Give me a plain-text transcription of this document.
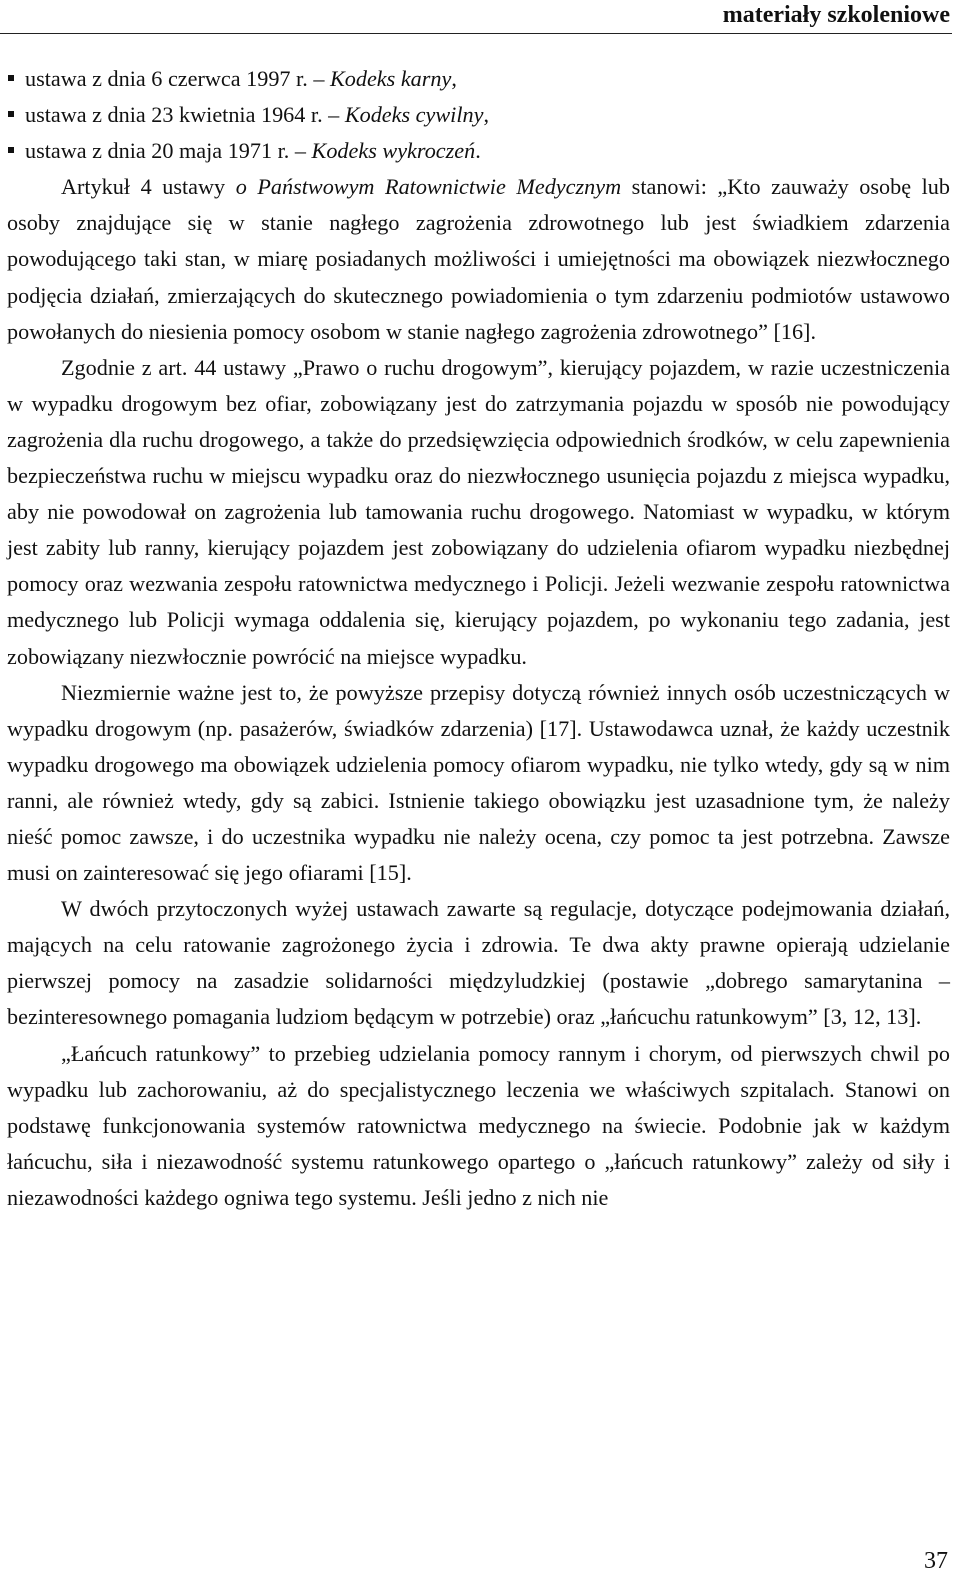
materiały szkoleniowe
ustawa z dnia 6 czerwca 1997 r. – Kodeks karny,
ustawa z dnia 23 kwietnia 1964 r. – Kodeks cywilny,
ustawa z dnia 20 maja 1971 r. – Kodeks wykroczeń.

Artykuł 4 ustawy o Państwowym Ratownictwie Medycznym stanowi: „Kto zauważy osobę lub osoby znajdujące się w stanie nagłego zagrożenia zdrowotnego lub jest świadkiem zdarzenia powodującego taki stan, w miarę posiadanych możliwości i umiejętności ma obowiązek niezwłocznego podjęcia działań, zmierzających do skutecznego powiadomienia o tym zdarzeniu podmiotów ustawowo powołanych do niesienia pomocy osobom w stanie nagłego zagrożenia zdrowotnego” [16].

Zgodnie z art. 44 ustawy „Prawo o ruchu drogowym”, kierujący pojazdem, w razie uczestniczenia w wypadku drogowym bez ofiar, zobowiązany jest do zatrzymania pojazdu w sposób nie powodujący zagrożenia dla ruchu drogowego, a także do przedsięwzięcia odpowiednich środków, w celu zapewnienia bezpieczeństwa ruchu w miejscu wypadku oraz do niezwłocznego usunięcia pojazdu z miejsca wypadku, aby nie powodował on zagrożenia lub tamowania ruchu drogowego. Natomiast w wypadku, w którym jest zabity lub ranny, kierujący pojazdem jest zobowiązany do udzielenia ofiarom wypadku niezbędnej pomocy oraz wezwania zespołu ratownictwa medycznego i Policji. Jeżeli wezwanie zespołu ratownictwa medycznego lub Policji wymaga oddalenia się, kierujący pojazdem, po wykonaniu tego zadania, jest zobowiązany niezwłocznie powrócić na miejsce wypadku.

Niezmiernie ważne jest to, że powyższe przepisy dotyczą również innych osób uczestniczących w wypadku drogowym (np. pasażerów, świadków zdarzenia) [17]. Ustawodawca uznał, że każdy uczestnik wypadku drogowego ma obowiązek udzielenia pomocy ofiarom wypadku, nie tylko wtedy, gdy są w nim ranni, ale również wtedy, gdy są zabici. Istnienie takiego obowiązku jest uzasadnione tym, że należy nieść pomoc zawsze, i do uczestnika wypadku nie należy ocena, czy pomoc ta jest potrzebna. Zawsze musi on zainteresować się jego ofiarami [15].

W dwóch przytoczonych wyżej ustawach zawarte są regulacje, dotyczące podejmowania działań, mających na celu ratowanie zagrożonego życia i zdrowia. Te dwa akty prawne opierają udzielanie pierwszej pomocy na zasadzie solidarności międzyludzkiej (postawie „dobrego samarytanina – bezinteresownego pomagania ludziom będącym w potrzebie) oraz „łańcuchu ratunkowym” [3, 12, 13].

„Łańcuch ratunkowy” to przebieg udzielania pomocy rannym i chorym, od pierwszych chwil po wypadku lub zachorowaniu, aż do specjalistycznego leczenia we właściwych szpitalach. Stanowi on podstawę funkcjonowania systemów ratownictwa medycznego na świecie. Podobnie jak w każdym łańcuchu, siła i niezawodność systemu ratunkowego opartego o „łańcuch ratunkowy” zależy od siły i niezawodności każdego ogniwa tego systemu. Jeśli jedno z nich nie

37
